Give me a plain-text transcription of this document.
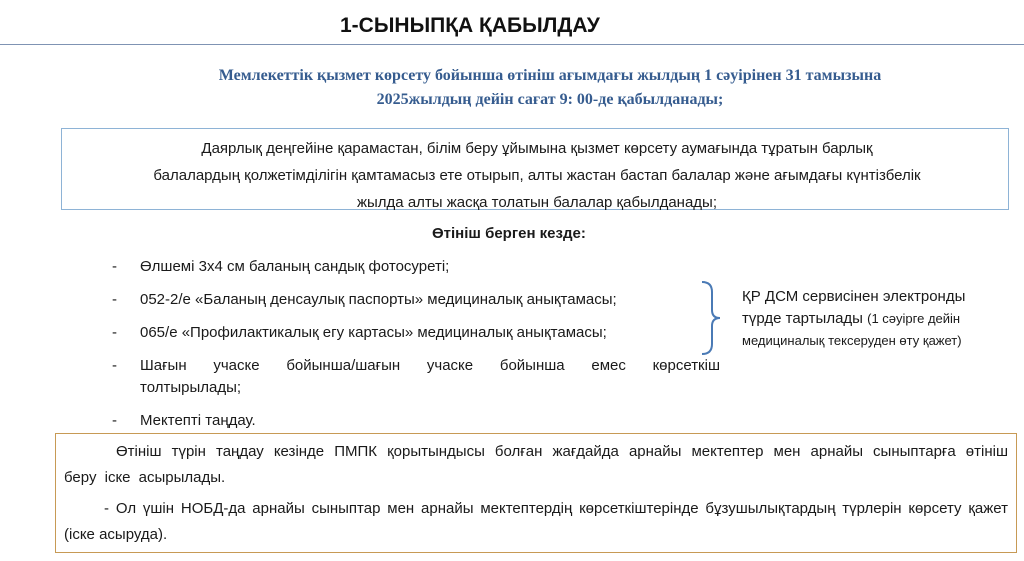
1-СЫНЫПҚА ҚАБЫЛДАУ
Мемлекеттік қызмет көрсету бойынша өтініш ағымдағы жылдың 1 сәуірінен 31 тамызына
2025жылдың дейін сағат 9: 00-де қабылданады;
Даярлық деңгейіне қарамастан, білім беру ұйымына қызмет көрсету аумағында тұратын барлық
балалардың қолжетімділігін қамтамасыз ете отырып, алты жастан бастап балалар және ағымдағы күнтізбелік
жылда алты жасқа толатын балалар қабылданады;
Өтініш берген кезде:
- Өлшемі 3х4 см баланың сандық фотосуреті;
- 052-2/е «Баланың денсаулық паспорты» медициналық анықтамасы;
- 065/е «Профилактикалық егу картасы» медициналық анықтамасы;
- Шағын учаске бойынша/шағын учаске бойынша емес көрсеткіш толтырылады;
- Мектепті таңдау.
ҚР ДСМ сервисінен электронды түрде тартылады (1 сәуірге дейін медициналық тексеруден өту қажет)

Өтініш түрін таңдау кезінде ПМПК қорытындысы болған жағдайда арнайы мектептер мен арнайы сыныптарға өтініш беру іске асырылады.

- Ол үшін НОБД-да арнайы сыныптар мен арнайы мектептердің көрсеткіштерінде бұзушылықтардың түрлерін көрсету қажет (іске асыруда).
